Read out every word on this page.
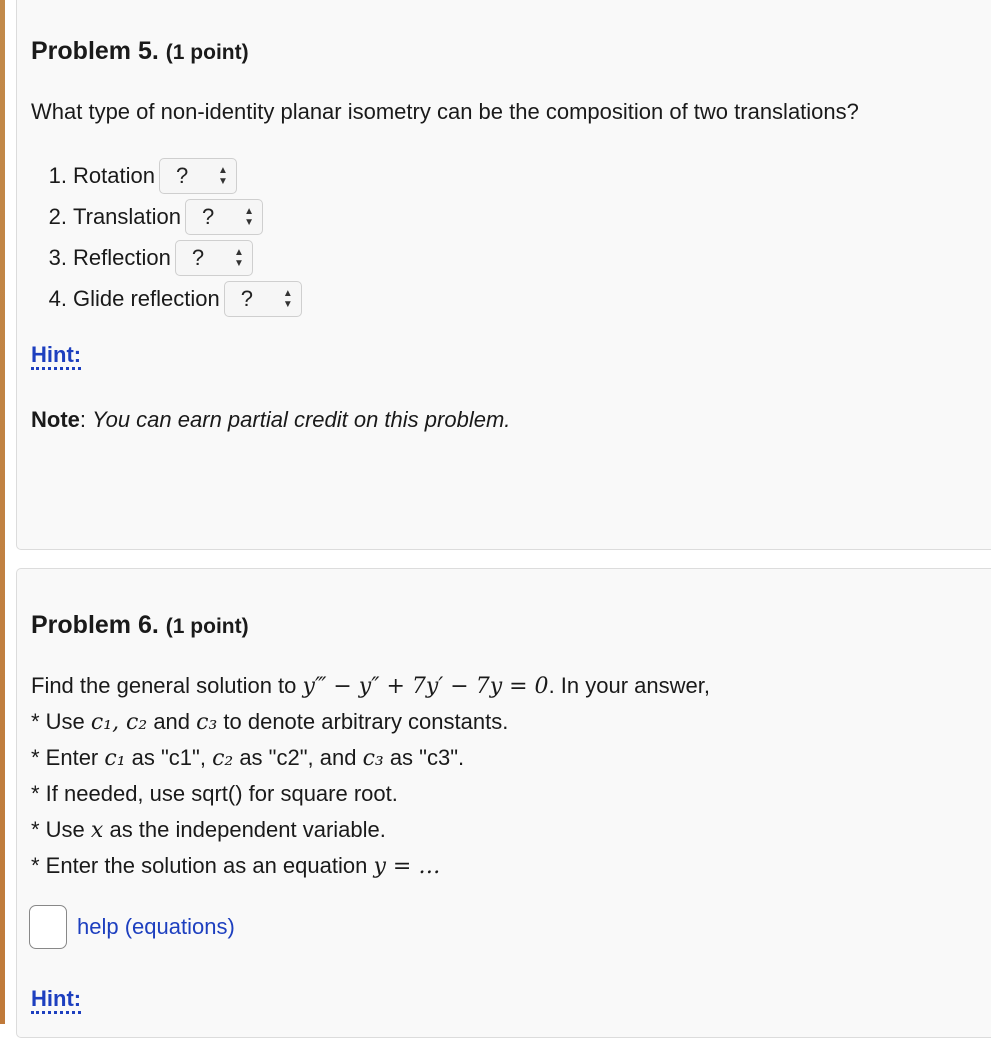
Problem 5. (1 point)
What type of non-identity planar isometry can be the composition of two translations?
1. Rotation ?	▲
▼
2. Translation ?	▲
▼
3. Reflection ?	▲
▼
4. Glide reflection ?	▲
▼
Hint:
Note: You can earn partial credit on this problem.
Problem 6. (1 point)
Find the general solution to y‴ − y″ + 7y′ − 7y = 0. In your answer,
* Use c₁, c₂ and c₃ to denote arbitrary constants.
* Enter c₁ as "c1", c₂ as "c2", and c₃ as "c3".
* If needed, use sqrt() for square root.
* Use x as the independent variable.
* Enter the solution as an equation y = …
help (equations)
Hint:
